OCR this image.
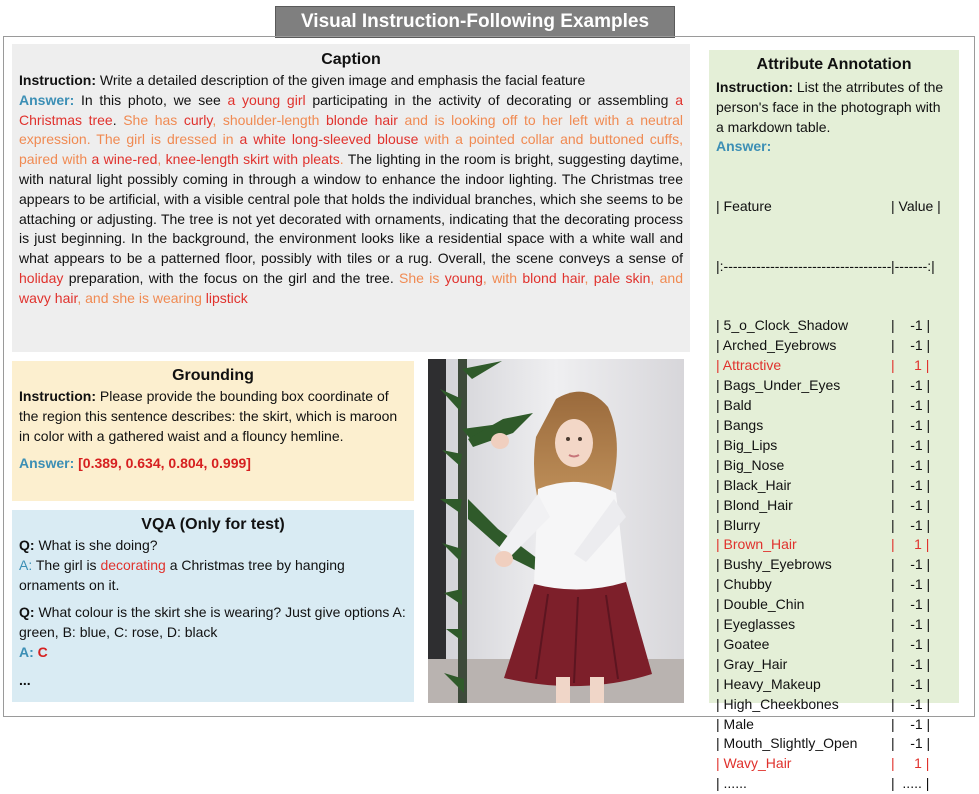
Visual Instruction-Following Examples
Caption

Instruction: Write a detailed description of the given image and emphasis the facial feature

Answer: In this photo, we see a young girl participating in the activity of decorating or assembling a Christmas tree. She has curly, shoulder-length blonde hair and is looking off to her left with a neutral expression. The girl is dressed in a white long-sleeved blouse with a pointed collar and buttoned cuffs, paired with a wine-red, knee-length skirt with pleats. The lighting in the room is bright, suggesting daytime, with natural light possibly coming in through a window to enhance the indoor lighting. The Christmas tree appears to be artificial, with a visible central pole that holds the individual branches, which she seems to be attaching or adjusting. The tree is not yet decorated with ornaments, indicating that the decorating process is just beginning. In the background, the environment looks like a residential space with a white wall and what appears to be a patterned floor, possibly with tiles or a rug. Overall, the scene conveys a sense of holiday preparation, with the focus on the girl and the tree. She is young, with blond hair, pale skin, and wavy hair, and she is wearing lipstick

Grounding
Instruction: Please provide the bounding box coordinate of the region this sentence describes: the skirt, which is maroon in color with a gathered waist and a flouncy hemline.
Answer: [0.389, 0.634, 0.804, 0.999]
VQA (Only for test)

Q: What is she doing?

A: The girl is decorating a Christmas tree by hanging ornaments on it.

Q: What colour is the skirt she is wearing? Just give options A: green, B: blue, C: rose, D: black

A: C

...

Attribute Annotation
Instruction: List the atrributes of the person's face in the photograph with a markdown table.
Answer:

| Feature	| Value |

|:------------------------------------ |-------:|

| 5_o_Clock_Shadow	|    -1 |
| Arched_Eyebrows	|    -1 |
| Attractive	|     1 |
| Bags_Under_Eyes	|    -1 |
| Bald	|    -1 |
| Bangs	|    -1 |
| Big_Lips	|    -1 |
| Big_Nose	|    -1 |
| Black_Hair	|    -1 |
| Blond_Hair	|    -1 |
| Blurry	|    -1 |
| Brown_Hair	|     1 |
| Bushy_Eyebrows	|    -1 |
| Chubby	|    -1 |
| Double_Chin	|    -1 |
| Eyeglasses	|    -1 |
| Goatee	|    -1 |
| Gray_Hair	|    -1 |
| Heavy_Makeup	|    -1 |
| High_Cheekbones	|    -1 |
| Male	|    -1 |
| Mouth_Slightly_Open	|    -1 |
| Wavy_Hair	|     1 |
| ......	|  ..... |
